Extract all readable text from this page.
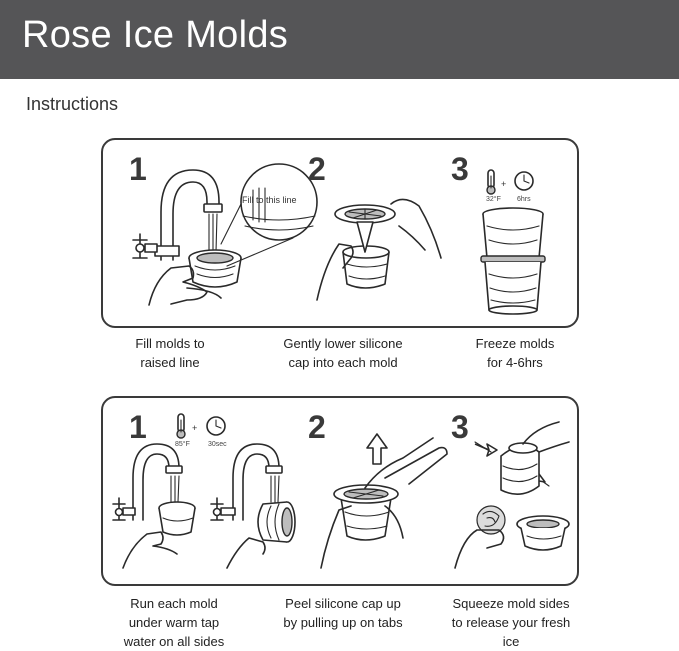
Rose Ice Molds
Instructions
1
Fill to this line
2	3
32°F
+
6hrs
Fill molds to
raised line
Gently lower silicone
cap into each mold
Freeze molds
for 4-6hrs
1	85°F
+
30sec	2	3
Run each mold
under warm tap
water on all sides
Peel silicone cap up
by pulling up on tabs
Squeeze mold sides
to release your fresh
ice
